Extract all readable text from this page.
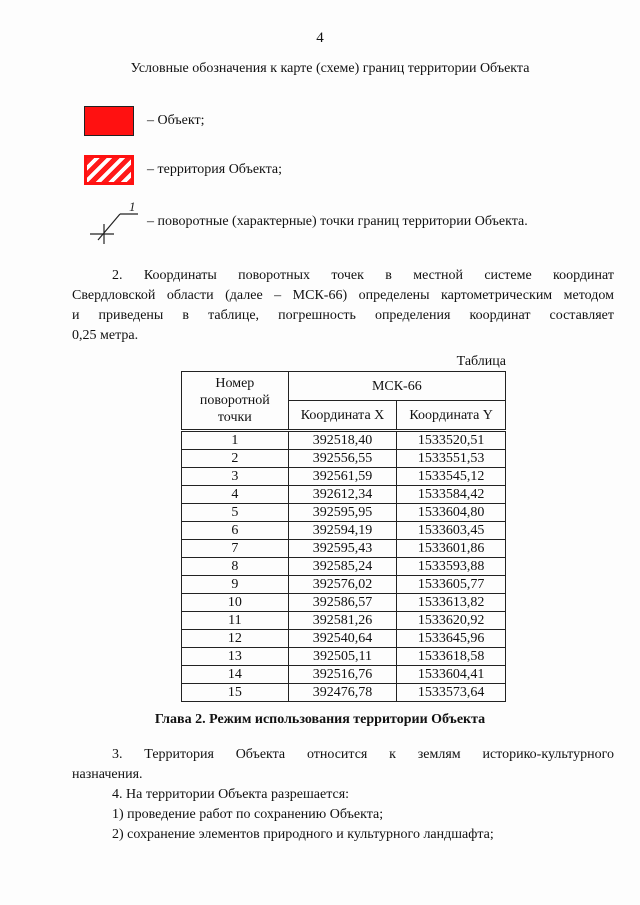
4
Условные обозначения к карте (схеме) границ территории Объекта
– Объект;
– территория Объекта;
1
– поворотные (характерные) точки границ территории Объекта.
2. Координаты поворотных точек в местной системе координат
Свердловской области (далее – МСК-66) определены картометрическим методом
и приведены в таблице, погрешность определения координат составляет
0,25 метра.
Таблица
Номер
поворотной
точки	МСК-66	
	Координата X	Координата Y
1	392518,40	1533520,51
2	392556,55	1533551,53
3	392561,59	1533545,12
4	392612,34	1533584,42
5	392595,95	1533604,80
6	392594,19	1533603,45
7	392595,43	1533601,86
8	392585,24	1533593,88
9	392576,02	1533605,77
10	392586,57	1533613,82
11	392581,26	1533620,92
12	392540,64	1533645,96
13	392505,11	1533618,58
14	392516,76	1533604,41
15	392476,78	1533573,64
Глава 2. Режим использования территории Объекта
3. Территория Объекта относится к землям историко-культурного
назначения.
4. На территории Объекта разрешается:
1) проведение работ по сохранению Объекта;
2) сохранение элементов природного и культурного ландшафта;
